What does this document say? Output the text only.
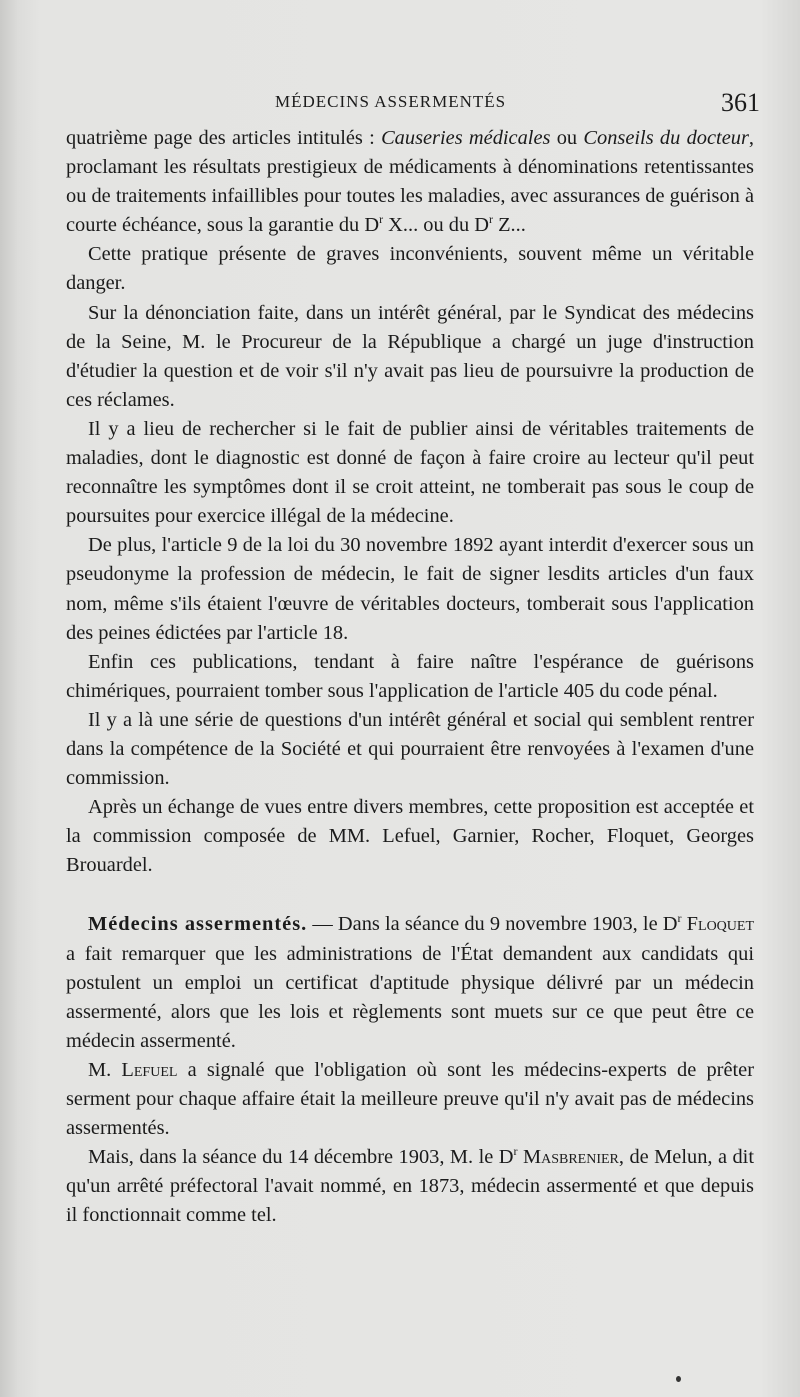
MÉDECINS ASSERMENTÉS	361

quatrième page des articles intitulés : Causeries médicales ou Conseils du docteur, proclamant les résultats prestigieux de médicaments à dénominations retentissantes ou de traitements infaillibles pour toutes les maladies, avec assurances de guérison à courte échéance, sous la garantie du $D^r$ X... ou du $D^r$ Z...

Cette pratique présente de graves inconvénients, souvent même un véritable danger.

Sur la dénonciation faite, dans un intérêt général, par le Syndicat des médecins de la Seine, M. le Procureur de la République a chargé un juge d'instruction d'étudier la question et de voir s'il n'y avait pas lieu de poursuivre la production de ces réclames.

Il y a lieu de rechercher si le fait de publier ainsi de véritables traitements de maladies, dont le diagnostic est donné de façon à faire croire au lecteur qu'il peut reconnaître les symptômes dont il se croit atteint, ne tomberait pas sous le coup de poursuites pour exercice illégal de la médecine.

De plus, l'article 9 de la loi du 30 novembre 1892 ayant interdit d'exercer sous un pseudonyme la profession de médecin, le fait de signer lesdits articles d'un faux nom, même s'ils étaient l'œuvre de véritables docteurs, tomberait sous l'application des peines édictées par l'article 18.

Enfin ces publications, tendant à faire naître l'espérance de guérisons chimériques, pourraient tomber sous l'application de l'article 405 du code pénal.

Il y a là une série de questions d'un intérêt général et social qui semblent rentrer dans la compétence de la Société et qui pourraient être renvoyées à l'examen d'une commission.

Après un échange de vues entre divers membres, cette proposition est acceptée et la commission composée de MM. Lefuel, Garnier, Rocher, Floquet, Georges Brouardel.

Médecins assermentés. — Dans la séance du 9 novembre 1903, le $D^r$ Floquet a fait remarquer que les administrations de l'État demandent aux candidats qui postulent un emploi un certificat d'aptitude physique délivré par un médecin assermenté, alors que les lois et règlements sont muets sur ce que peut être ce médecin assermenté.

M. Lefuel a signalé que l'obligation où sont les médecins-experts de prêter serment pour chaque affaire était la meilleure preuve qu'il n'y avait pas de médecins assermentés.

Mais, dans la séance du 14 décembre 1903, M. le $D^r$ Masbrenier, de Melun, a dit qu'un arrêté préfectoral l'avait nommé, en 1873, médecin assermenté et que depuis il fonctionnait comme tel.
